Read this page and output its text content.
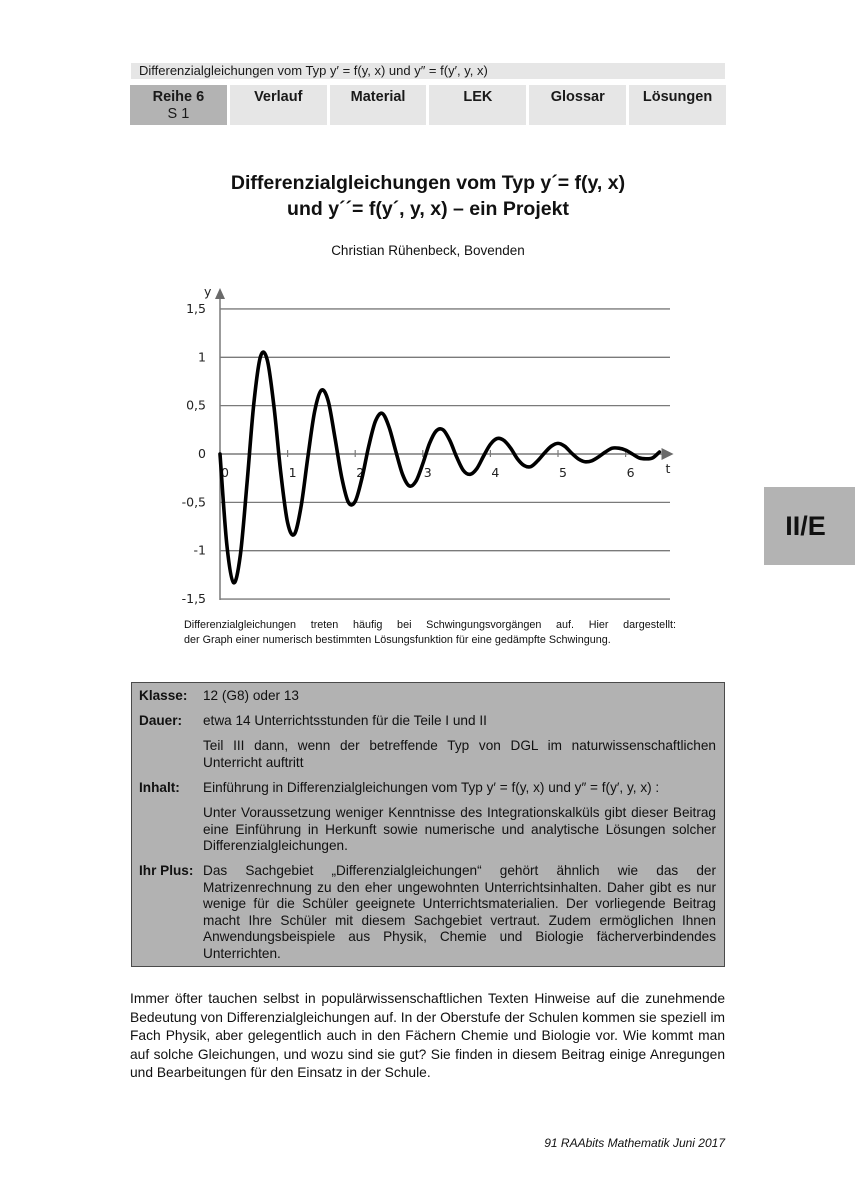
Differenzialgleichungen vom Typ y′ = f(y, x) und y″ = f(y′, y, x)
Reihe 6
S 1
Verlauf	Material	LEK	Glossar	Lösungen
Differenzialgleichungen vom Typ y´= f(y, x)
und y´´= f(y´, y, x) – ein Projekt
Christian Rühenbeck, Bovenden
II/E
y
t
1,5
1
0,5
0
-0,5
-1
-1,5
0	1	2	3	4	5	6
Differenzialgleichungen treten häufig bei Schwingungsvorgängen auf. Hier dargestellt:
der Graph einer numerisch bestimmten Lösungsfunktion für eine gedämpfte Schwingung.
Klasse:	12 (G8) oder 13
Dauer:	etwa 14 Unterrichtsstunden für die Teile I und II
Teil III dann, wenn der betreffende Typ von DGL im naturwissenschaftlichen Unterricht auftritt
Inhalt:	Einführung in Differenzialgleichungen vom Typ y′ = f(y, x) und y″ = f(y′, y, x) :
Unter Voraussetzung weniger Kenntnisse des Integrationskalküls gibt dieser Beitrag eine Einführung in Herkunft sowie numerische und analytische Lösungen solcher Differenzialgleichungen.
Ihr Plus: Das Sachgebiet „Differenzialgleichungen“ gehört ähnlich wie das der Matrizenrechnung zu den eher ungewohnten Unterrichtsinhalten. Daher gibt es nur wenige für die Schüler geeignete Unterrichtsmaterialien. Der vorliegende Beitrag macht Ihre Schüler mit diesem Sachgebiet vertraut. Zudem ermöglichen Ihnen Anwendungsbeispiele aus Physik, Chemie und Biologie fächerverbindendes Unterrichten.
Immer öfter tauchen selbst in populärwissenschaftlichen Texten Hinweise auf die zunehmende Bedeutung von Differenzialgleichungen auf. In der Oberstufe der Schulen kommen sie speziell im Fach Physik, aber gelegentlich auch in den Fächern Chemie und Biologie vor. Wie kommt man auf solche Gleichungen, und wozu sind sie gut? Sie finden in diesem Beitrag einige Anregungen und Bearbeitungen für den Einsatz in der Schule.
91 RAAbits Mathematik Juni 2017
